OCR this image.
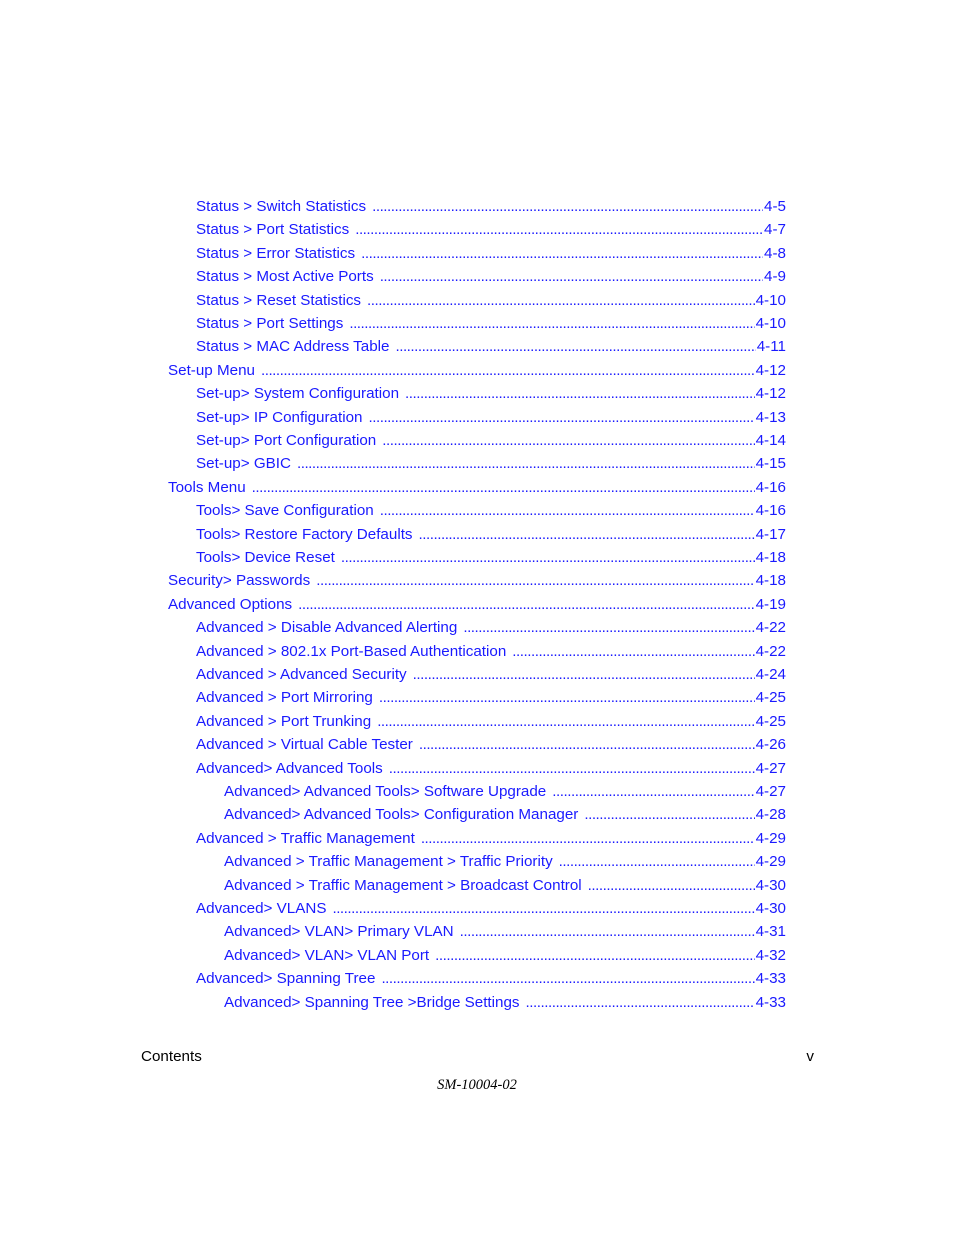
Status > Switch Statistics . . .	4-5
Status > Port Statistics . . .	4-7
Status > Error Statistics . . .	4-8
Status > Most Active Ports . . .	4-9
Status > Reset Statistics . . .	4-10
Status > Port Settings . . .	4-10
Status > MAC Address Table . . .	4-11
Set-up Menu . . .	4-12
Set-up> System Configuration . . .	4-12
Set-up> IP Configuration . . .	4-13
Set-up> Port Configuration . . .	4-14
Set-up> GBIC . . .	4-15
Tools Menu . . .	4-16
Tools> Save Configuration . . .	4-16
Tools> Restore Factory Defaults . . .	4-17
Tools> Device Reset . . .	4-18
Security> Passwords . . .	4-18
Advanced Options . . .	4-19
Advanced > Disable Advanced Alerting . . .	4-22
Advanced > 802.1x Port-Based Authentication . . .	4-22
Advanced > Advanced Security . . .	4-24
Advanced > Port Mirroring . . .	4-25
Advanced > Port Trunking . . .	4-25
Advanced > Virtual Cable Tester . . .	4-26
Advanced> Advanced Tools . . .	4-27
Advanced> Advanced Tools> Software Upgrade . . .	4-27
Advanced> Advanced Tools> Configuration Manager . . .	4-28
Advanced > Traffic Management . . .	4-29
Advanced > Traffic Management > Traffic Priority . . .	4-29
Advanced > Traffic Management > Broadcast Control . . .	4-30
Advanced> VLANS . . .	4-30
Advanced> VLAN> Primary VLAN . . .	4-31
Advanced> VLAN> VLAN Port . . .	4-32
Advanced> Spanning Tree . . .	4-33
Advanced> Spanning Tree >Bridge Settings . . .	4-33
Contents	v
SM-10004-02
